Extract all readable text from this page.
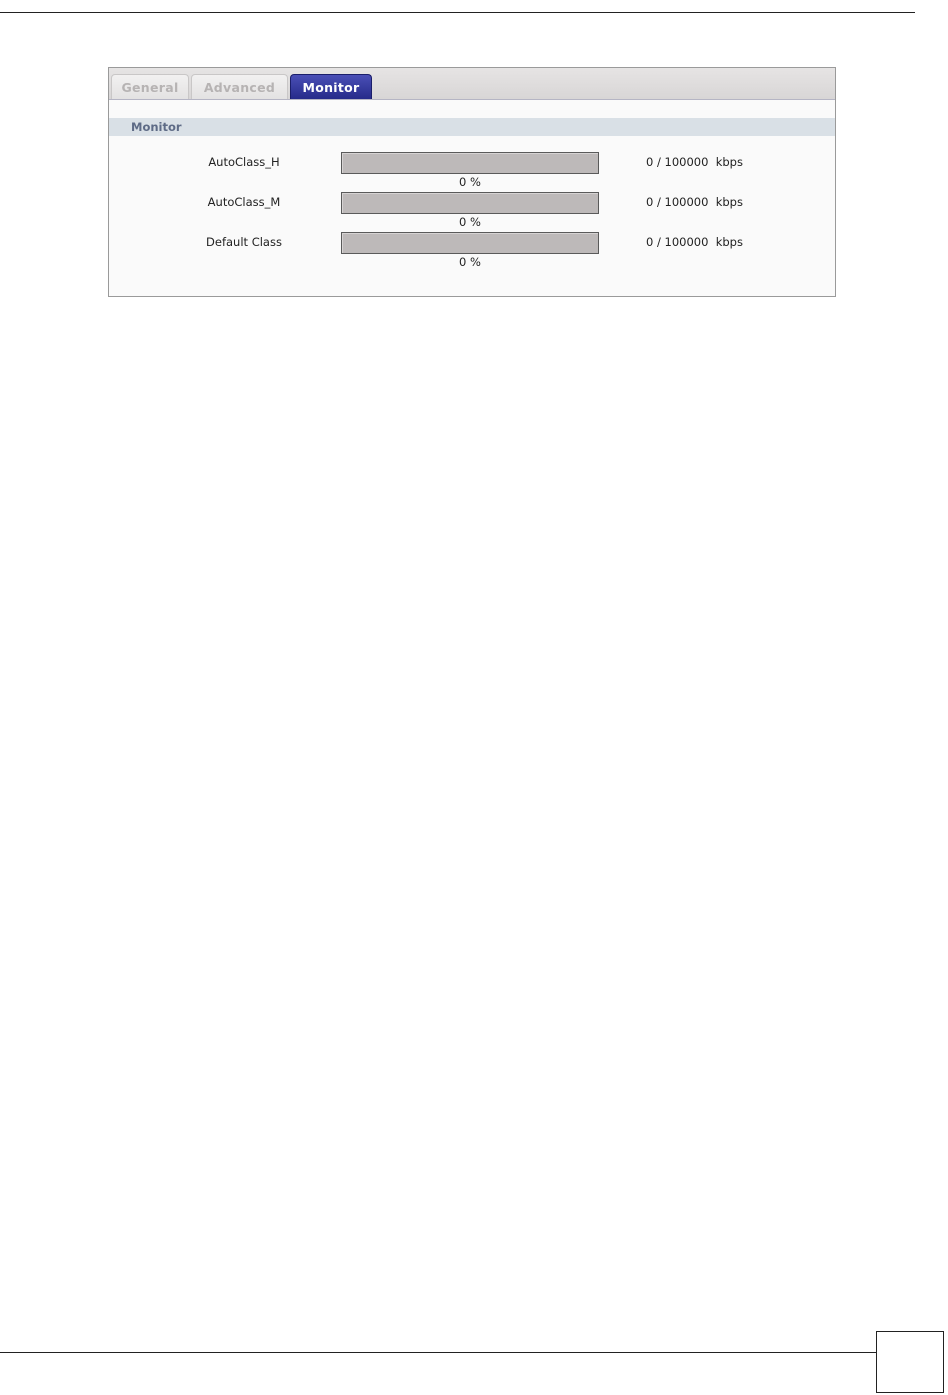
General	Advanced	Monitor
Monitor
AutoClass_H
0 %
0 / 100000  kbps
AutoClass_M
0 %
0 / 100000  kbps
Default Class
0 %
0 / 100000  kbps
